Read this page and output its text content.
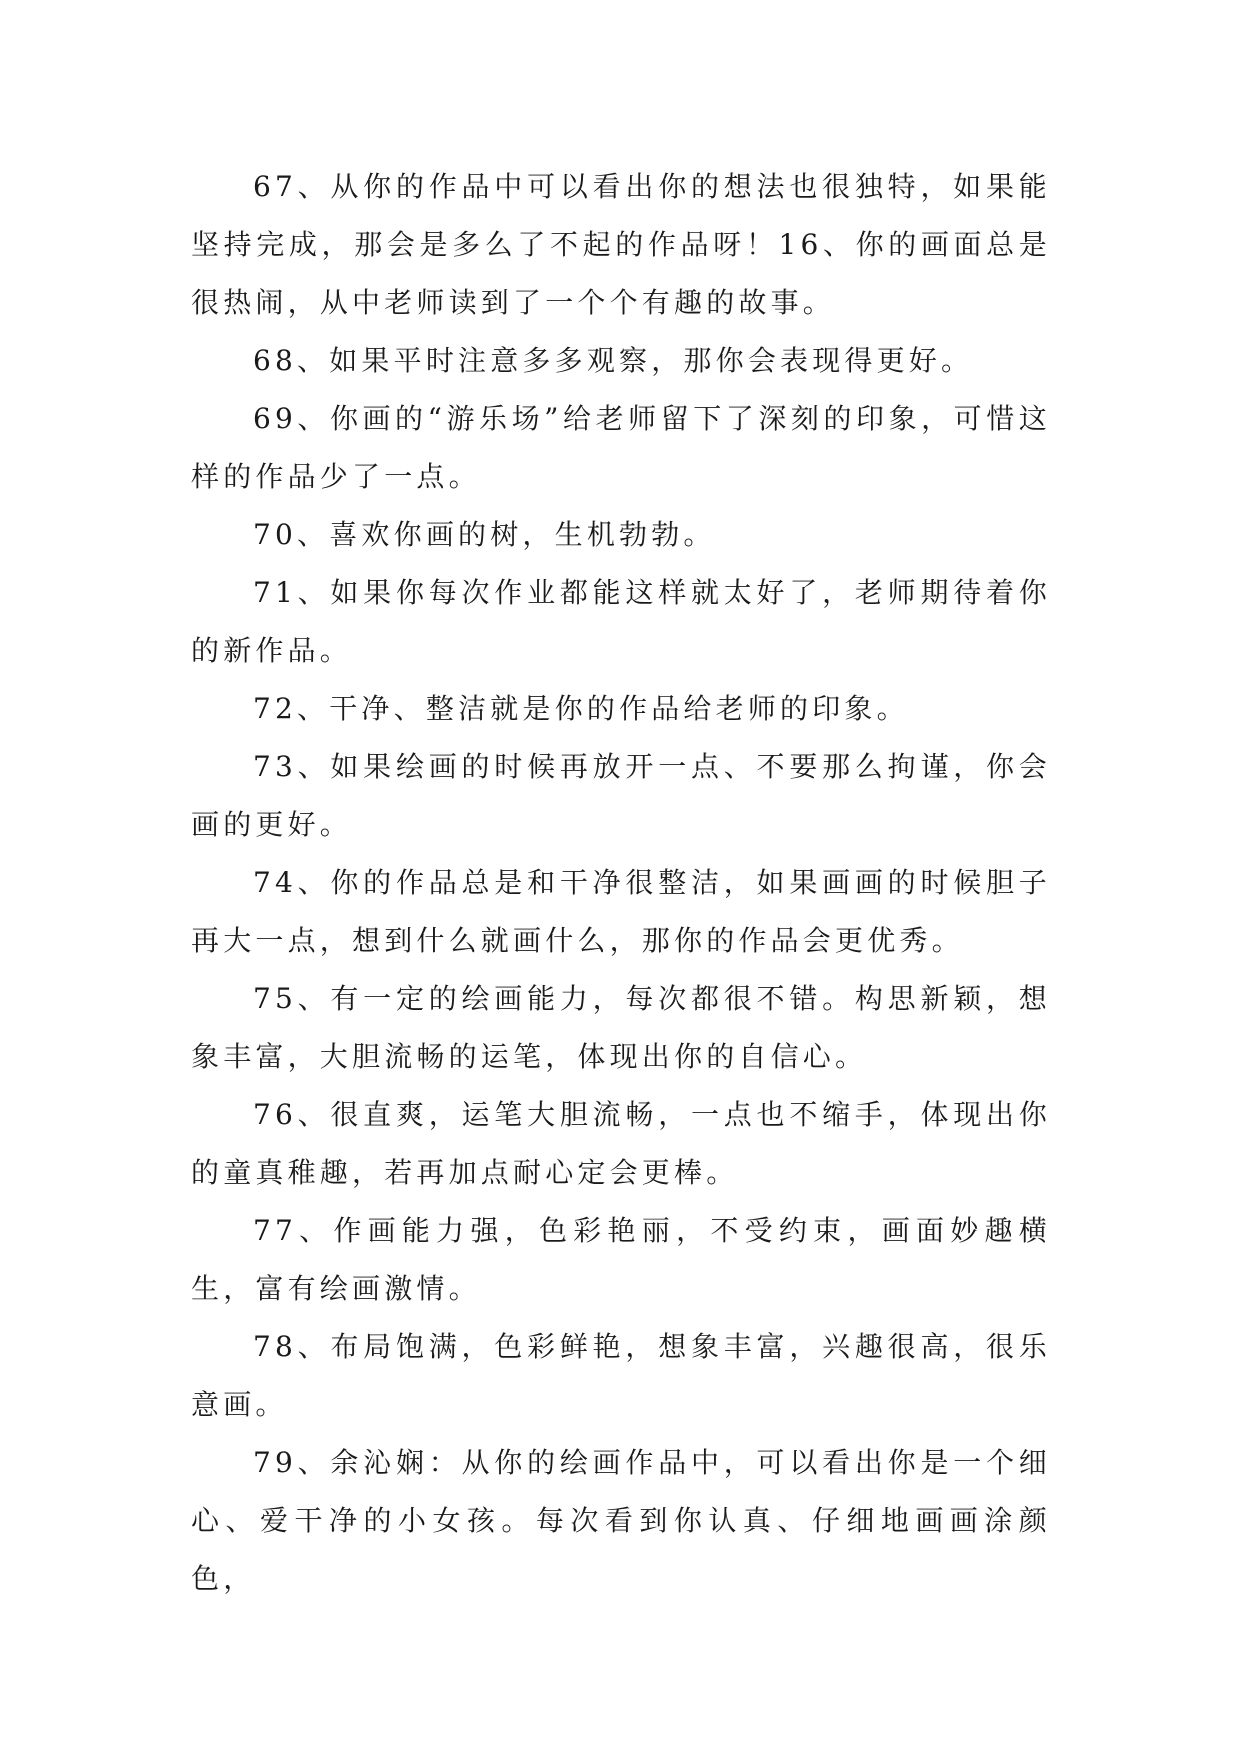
67、从你的作品中可以看出你的想法也很独特，如果能坚持完成，那会是多么了不起的作品呀！16、你的画面总是很热闹，从中老师读到了一个个有趣的故事。

68、如果平时注意多多观察，那你会表现得更好。

69、你画的“游乐场”给老师留下了深刻的印象，可惜这样的作品少了一点。

70、喜欢你画的树，生机勃勃。

71、如果你每次作业都能这样就太好了，老师期待着你的新作品。

72、干净、整洁就是你的作品给老师的印象。

73、如果绘画的时候再放开一点、不要那么拘谨，你会画的更好。

74、你的作品总是和干净很整洁，如果画画的时候胆子再大一点，想到什么就画什么，那你的作品会更优秀。

75、有一定的绘画能力，每次都很不错。构思新颖，想象丰富，大胆流畅的运笔，体现出你的自信心。

76、很直爽，运笔大胆流畅，一点也不缩手，体现出你的童真稚趣，若再加点耐心定会更棒。

77、作画能力强，色彩艳丽，不受约束，画面妙趣横生，富有绘画激情。

78、布局饱满，色彩鲜艳，想象丰富，兴趣很高，很乐意画。

79、余沁娴：从你的绘画作品中，可以看出你是一个细心、爱干净的小女孩。每次看到你认真、仔细地画画涂颜色，
